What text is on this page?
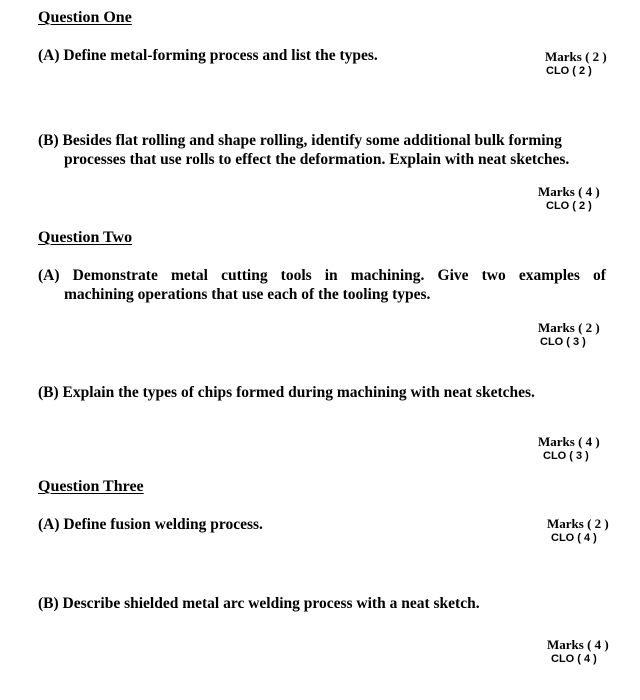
Question One
(A) Define metal-forming process and list the types.	Marks ( 2 )
CLO ( 2 )
(B) Besides flat rolling and shape rolling, identify some additional bulk forming
processes that use rolls to effect the deformation. Explain with neat sketches.
Marks ( 4 )
CLO ( 2 )
Question Two
(A) Demonstrate metal cutting tools in machining. Give two examples of
machining operations that use each of the tooling types.
Marks ( 2 )
CLO ( 3 )
(B) Explain the types of chips formed during machining with neat sketches.
Marks ( 4 )
CLO ( 3 )
Question Three
(A) Define fusion welding process.	Marks ( 2 )
CLO ( 4 )
(B) Describe shielded metal arc welding process with a neat sketch.
Marks ( 4 )
CLO ( 4 )
